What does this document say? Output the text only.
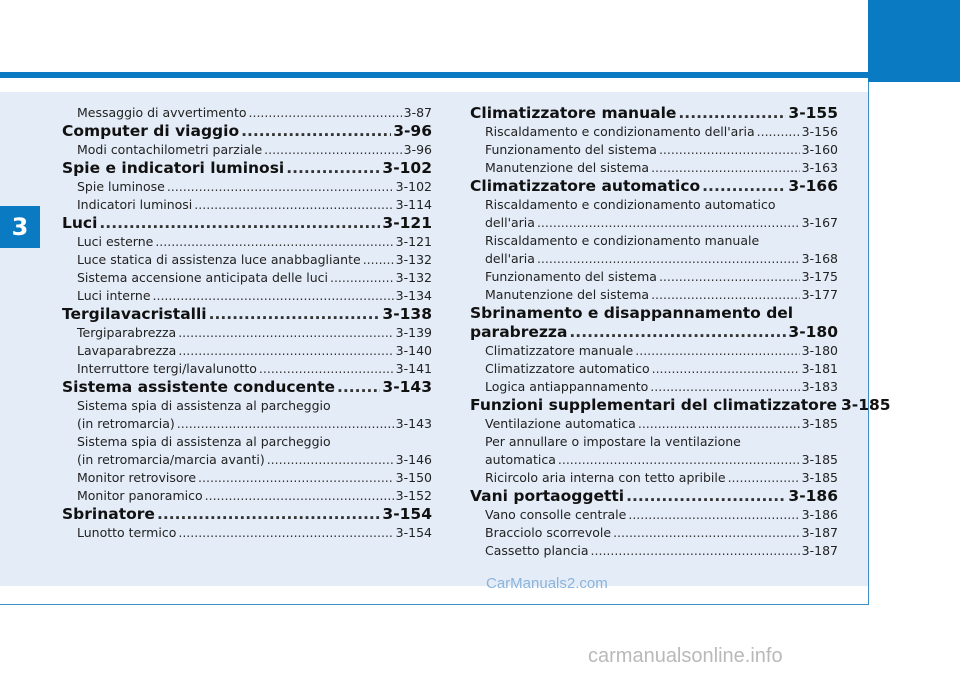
3
Messaggio di avvertimento .....	3-87
Computer di viaggio .....	3-96
Modi contachilometri parziale .....	3-96
Spie e indicatori luminosi .....	3-102
Spie luminose .....	3-102
Indicatori luminosi .....	3-114
Luci .....	3-121
Luci esterne .....	3-121
Luce statica di assistenza luce anabbagliante .....	3-132
Sistema accensione anticipata delle luci .....	3-132
Luci interne .....	3-134
Tergilavacristalli .....	3-138
Tergiparabrezza .....	3-139
Lavaparabrezza .....	3-140
Interruttore tergi/lavalunotto .....	3-141
Sistema assistente conducente .....	3-143
Sistema spia di assistenza al parcheggio
(in retromarcia) .....	3-143
Sistema spia di assistenza al parcheggio
(in retromarcia/marcia avanti) .....	3-146
Monitor retrovisore .....	3-150
Monitor panoramico .....	3-152
Sbrinatore .....	3-154
Lunotto termico .....	3-154
Climatizzatore manuale .....	3-155
Riscaldamento e condizionamento dell'aria .....	3-156
Funzionamento del sistema .....	3-160
Manutenzione del sistema .....	3-163
Climatizzatore automatico .....	3-166
Riscaldamento e condizionamento automatico
dell'aria .....	3-167
Riscaldamento e condizionamento manuale
dell'aria .....	3-168
Funzionamento del sistema .....	3-175
Manutenzione del sistema .....	3-177
Sbrinamento e disappannamento del
parabrezza .....	3-180
Climatizzatore manuale .....	3-180
Climatizzatore automatico .....	3-181
Logica antiappannamento .....	3-183
Funzioni supplementari del climatizzatore 3-185
Ventilazione automatica .....	3-185
Per annullare o impostare la ventilazione
automatica .....	3-185
Ricircolo aria interna con tetto apribile .....	3-185
Vani portaoggetti .....	3-186
Vano consolle centrale .....	3-186
Bracciolo scorrevole .....	3-187
Cassetto plancia .....	3-187
CarManuals2.com
carmanualsonline.info
